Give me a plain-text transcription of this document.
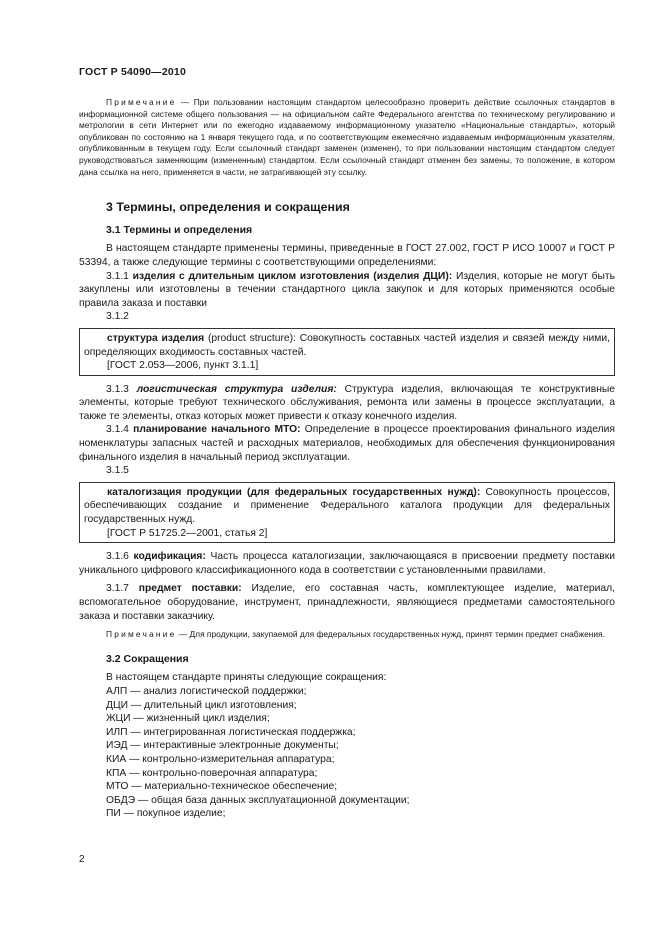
ГОСТ Р 54090—2010

Примечание — При пользовании настоящим стандартом целесообразно проверить действие ссылочных стандартов в информационной системе общего пользования — на официальном сайте Федерального агентства по техническому регулированию и метрологии в сети Интернет или по ежегодно издаваемому информационному указателю «Национальные стандарты», который опубликован по состоянию на 1 января текущего года, и по соответствующим ежемесячно издаваемым информационным указателям, опубликованным в текущем году. Если ссылочный стандарт заменен (изменен), то при пользовании настоящим стандартом следует руководствоваться заменяющим (измененным) стандартом. Если ссылочный стандарт отменен без замены, то положение, в котором дана ссылка на него, применяется в части, не затрагивающей эту ссылку.

3 Термины, определения и сокращения
3.1 Термины и определения

В настоящем стандарте применены термины, приведенные в ГОСТ 27.002, ГОСТ Р ИСО 10007 и ГОСТ Р 53394, а также следующие термины с соответствующими определениями:

3.1.1 изделия с длительным циклом изготовления (изделия ДЦИ): Изделия, которые не могут быть закуплены или изготовлены в течении стандартного цикла закупок и для которых применяются особые правила заказа и поставки

3.1.2

структура изделия (product structure): Совокупность составных частей изделия и связей между ними, определяющих входимость составных частей.

[ГОСТ 2.053—2006, пункт 3.1.1]

3.1.3 логистическая структура изделия: Структура изделия, включающая те конструктивные элементы, которые требуют технического обслуживания, ремонта или замены в процессе эксплуатации, а также те элементы, отказ которых может привести к отказу конечного изделия.

3.1.4 планирование начального МТО: Определение в процессе проектирования финального изделия номенклатуры запасных частей и расходных материалов, необходимых для обеспечения функционирования финального изделия в начальный период эксплуатации.

3.1.5

каталогизация продукции (для федеральных государственных нужд): Совокупность процессов, обеспечивающих создание и применение Федерального каталога продукции для федеральных государственных нужд.

[ГОСТ Р 51725.2—2001, статья 2]

3.1.6 кодификация: Часть процесса каталогизации, заключающаяся в присвоении предмету поставки уникального цифрового классификационного кода в соответствии с установленными правилами.

3.1.7 предмет поставки: Изделие, его составная часть, комплектующее изделие, материал, вспомогательное оборудование, инструмент, принадлежности, являющиеся предметами самостоятельного заказа и поставки заказчику.

Примечание — Для продукции, закупаемой для федеральных государственных нужд, принят термин предмет снабжения.

3.2 Сокращения

В настоящем стандарте приняты следующие сокращения:

АЛП — анализ логистической поддержки;

ДЦИ — длительный цикл изготовления;

ЖЦИ — жизненный цикл изделия;

ИЛП — интегрированная логистическая поддержка;

ИЭД — интерактивные электронные документы;

КИА — контрольно-измерительная аппаратура;

КПА — контрольно-поверочная аппаратура;

МТО — материально-техническое обеспечение;

ОБДЭ — общая база данных эксплуатационной документации;

ПИ — покупное изделие;

2
